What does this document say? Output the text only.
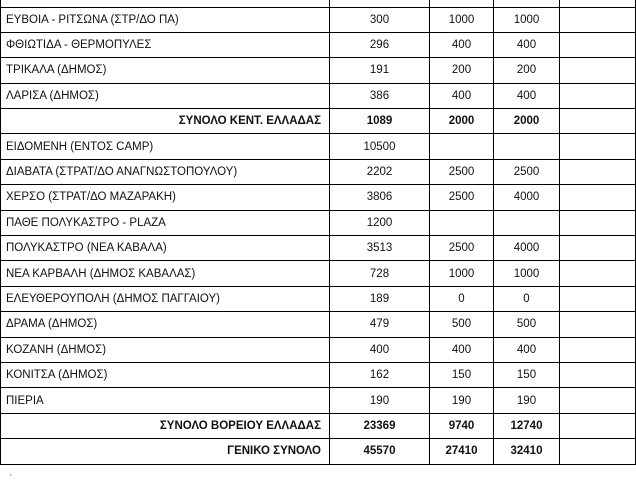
ΕΥΒΟΙΑ - ΡΙΤΣΩΝΑ (ΣΤΡ/ΔΟ ΠΑ)	300	1000	1000	
ΦΘΙΩΤΙΔΑ - ΘΕΡΜΟΠΥΛΕΣ	296	400	400	
ΤΡΙΚΑΛΑ (ΔΗΜΟΣ)	191	200	200	
ΛΑΡΙΣΑ (ΔΗΜΟΣ)	386	400	400	
ΣΥΝΟΛΟ ΚΕΝΤ. ΕΛΛΑΔΑΣ	1089	2000	2000	
ΕΙΔΟΜΕΝΗ (ΕΝΤΟΣ CAMP)	10500			
ΔΙΑΒΑΤΑ (ΣΤΡΑΤ/ΔΟ ΑΝΑΓΝΩΣΤΟΠΟΥΛΟΥ)	2202	2500	2500	
ΧΕΡΣΟ (ΣΤΡΑΤ/ΔΟ ΜΑΖΑΡΑΚΗ)	3806	2500	4000	
ΠΑΘΕ ΠΟΛΥΚΑΣΤΡΟ - PLAZA	1200			
ΠΟΛΥΚΑΣΤΡΟ (ΝΕΑ ΚΑΒΑΛΑ)	3513	2500	4000	
ΝΕΑ ΚΑΡΒΑΛΗ (ΔΗΜΟΣ ΚΑΒΑΛΑΣ)	728	1000	1000	
ΕΛΕΥΘΕΡΟΥΠΟΛΗ (ΔΗΜΟΣ ΠΑΓΓΑΙΟΥ)	189	0	0	
ΔΡΑΜΑ (ΔΗΜΟΣ)	479	500	500	
ΚΟΖΑΝΗ (ΔΗΜΟΣ)	400	400	400	
ΚΟΝΙΤΣΑ (ΔΗΜΟΣ)	162	150	150	
ΠΙΕΡΙΑ	190	190	190	
ΣΥΝΟΛΟ ΒΟΡΕΙΟΥ ΕΛΛΑΔΑΣ	23369	9740	12740	
ΓΕΝΙΚΟ ΣΥΝΟΛΟ	45570	27410	32410	
′
